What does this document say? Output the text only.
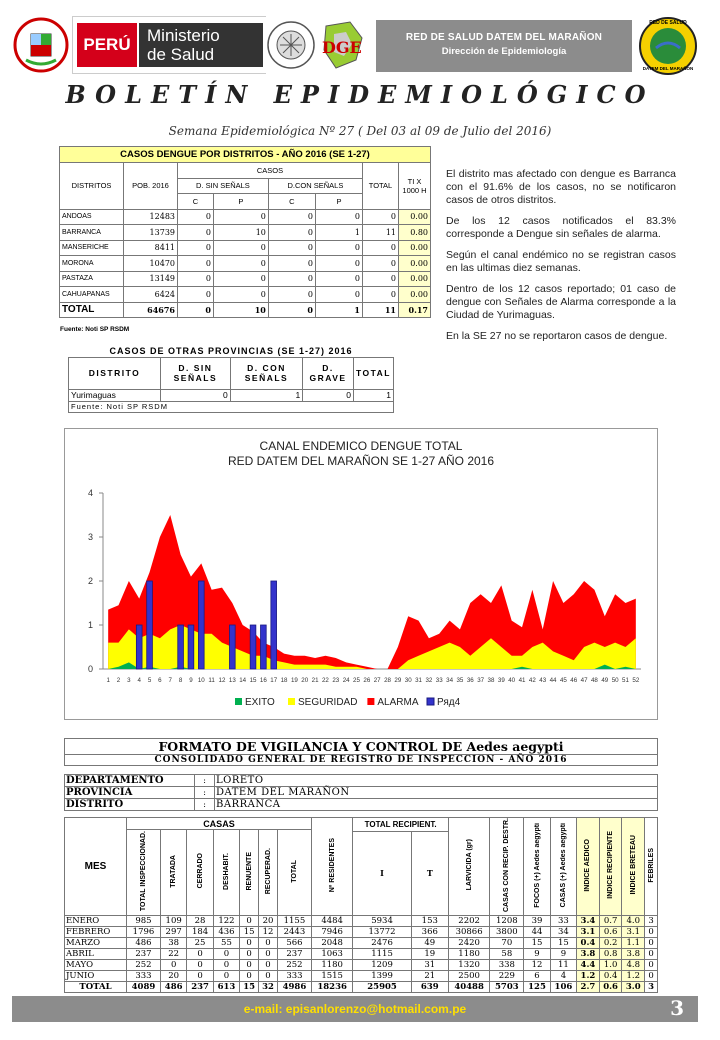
PERÚ Ministerio
de Salud	DGE
RED DE SALUD DATEM DEL MARAÑON
Dirección de Epidemiología
RED DE SALUD
DATEM DEL MARAÑON
BOLETÍN EPIDEMIOLÓGICO
Semana Epidemiológica Nº 27 ( Del 03 al 09 de Julio del 2016)
CASOS DENGUE POR DISTRITOS - AÑO 2016 (SE 1-27)							
DISTRITOS	POB. 2016	CASOS				TOTAL	TI X 1000 H
		D. SIN SEÑALS		D.CON SEÑALS			
		C	P	C	P		
ANDOAS	12483	0	0	0	0	0	0.00
BARRANCA	13739	0	10	0	1	11	0.80
MANSERICHE	8411	0	0	0	0	0	0.00
MORONA	10470	0	0	0	0	0	0.00
PASTAZA	13149	0	0	0	0	0	0.00
CAHUAPANAS	6424	0	0	0	0	0	0.00
TOTAL	64676	0	10	0	1	11	0.17
Fuente: Noti SP RSDM
CASOS DE OTRAS PROVINCIAS (SE 1-27) 2016				
DISTRITO	D. SIN SEÑALS	D. CON SEÑALS	D. GRAVE	TOTAL
Yurimaguas	0	1	0	1
Fuente: Noti SP RSDM				

El distrito mas afectado con dengue es Barranca con el 91.6% de los casos, no se notificaron casos de otros distritos.

De los 12 casos notificados el 83.3% corresponde a Dengue sin señales de alarma.

Según el canal endémico no se registran casos en las ultimas diez semanas.

Dentro de los 12 casos reportado; 01 caso de dengue con Señales de Alarma corresponde a la Ciudad de Yurimaguas.

En la SE 27 no se reportaron casos de dengue.

CANAL ENDEMICO DENGUE TOTAL
RED DATEM DEL MARAÑON SE 1-27 AÑO 2016
0
1
2
3
4
1 2 3 4 5 6 7 8 9 10 11 12 13 14 15 16 17 18 19 20 21 22 23 24 25 26 27 28 29 30 31 32 33 34 35 36 37 38 39 40 41 42 43 44 45 46 47 48 49 50 51 52
EXITO SEGURIDAD ALARMA Ряд4
FORMATO DE VIGILANCIA Y CONTROL DE Aedes aegypti
CONSOLIDADO GENERAL DE REGISTRO DE INSPECCION - AÑO 2016
DEPARTAMENTO	:	LORETO
PROVINCIA	:	DATEM DEL MARAÑON
DISTRITO	:	BARRANCA
MES	CASAS							Nº RESIDENTES	TOTAL RECIPIENT.		LARVICIDA (gr)	CASAS CON RECIP. DESTR.	FOCOS (+) Aedes aegypti	CASAS (+) Aedes aegypti	INDICE AEDICO	INDICE RECIPIENTE	INDICE BRETEAU	FEBRILES
	TOTAL INSPECCIONAD.	TRATADA	CERRADO	DESHABIT.	RENUENTE	RECUPERAD.	TOTAL											
									I	T								
ENERO	985	109	28	122	0	20	1155	4484	5934	153	2202	1208	39	33	3.4	0.7	4.0	3
FEBRERO	1796	297	184	436	15	12	2443	7946	13772	366	30866	3800	44	34	3.1	0.6	3.1	0
MARZO	486	38	25	55	0	0	566	2048	2476	49	2420	70	15	15	0.4	0.2	1.1	0
ABRIL	237	22	0	0	0	0	237	1063	1115	19	1180	58	9	9	3.8	0.8	3.8	0
MAYO	252	0	0	0	0	0	252	1180	1209	31	1320	338	12	11	4.4	1.0	4.8	0
JUNIO	333	20	0	0	0	0	333	1515	1399	21	2500	229	6	4	1.2	0.4	1.2	0
TOTAL	4089	486	237	613	15	32	4986	18236	25905	639	40488	5703	125	106	2.7	0.6	3.0	3
e-mail: episanlorenzo@hotmail.com.pe	3
